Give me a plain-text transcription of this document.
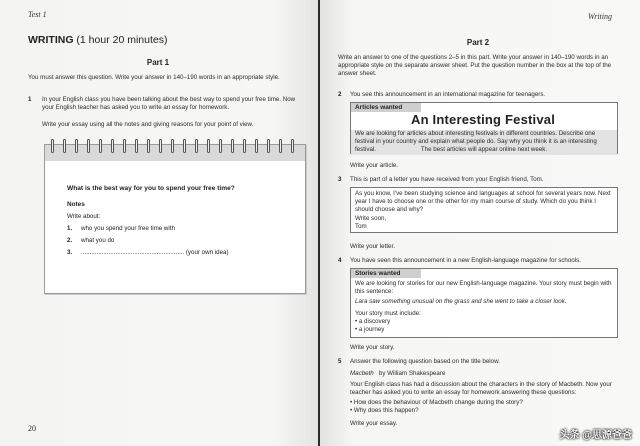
Test 1
WRITING (1 hour 20 minutes)
Part 1
You must answer this question. Write your answer in 140–190 words in an appropriate style.
1 In your English class you have been talking about the best way to spend your free time. Now your English teacher has asked you to write an essay for homework.
Write your essay using all the notes and giving reasons for your point of view.
What is the best way for you to spend your free time?
Notes
Write about:
1. who you spend your free time with
2. what you do
3. ............................................................ (your own idea)
20
Writing
Part 2
Write an answer to one of the questions 2–5 in this part. Write your answer in 140–190 words in an appropriate style on the separate answer sheet. Put the question number in the box at the top of the answer sheet.
2 You see this announcement in an international magazine for teenagers.
Articles wanted
An Interesting Festival
We are looking for articles about interesting festivals in different countries. Describe one festival in your country and explain what people do. Say why you think it is an interesting festival.	The best articles will appear online next week.
Write your article.
3 This is part of a letter you have received from your English friend, Tom.
As you know, I've been studying science and languages at school for several years now. Next year I have to choose one or the other for my main course of study. Which do you think I should choose and why?
Write soon,
Tom
Write your letter.
4 You have seen this announcement in a new English-language magazine for schools.
Stories wanted
We are looking for stories for our new English-language magazine. Your story must begin with this sentence:
Lara saw something unusual on the grass and she went to take a closer look.
Your story must include:
• a discovery
• a journey
Write your story.
5 Answer the following question based on the title below.
Macbeth by William Shakespeare
Your English class has had a discussion about the characters in the story of Macbeth. Now your teacher has asked you to write an essay for homework answering these questions:
• How does the behaviour of Macbeth change during the story?
• Why does this happen?
Write your essay.
头条 @思源爸爸
